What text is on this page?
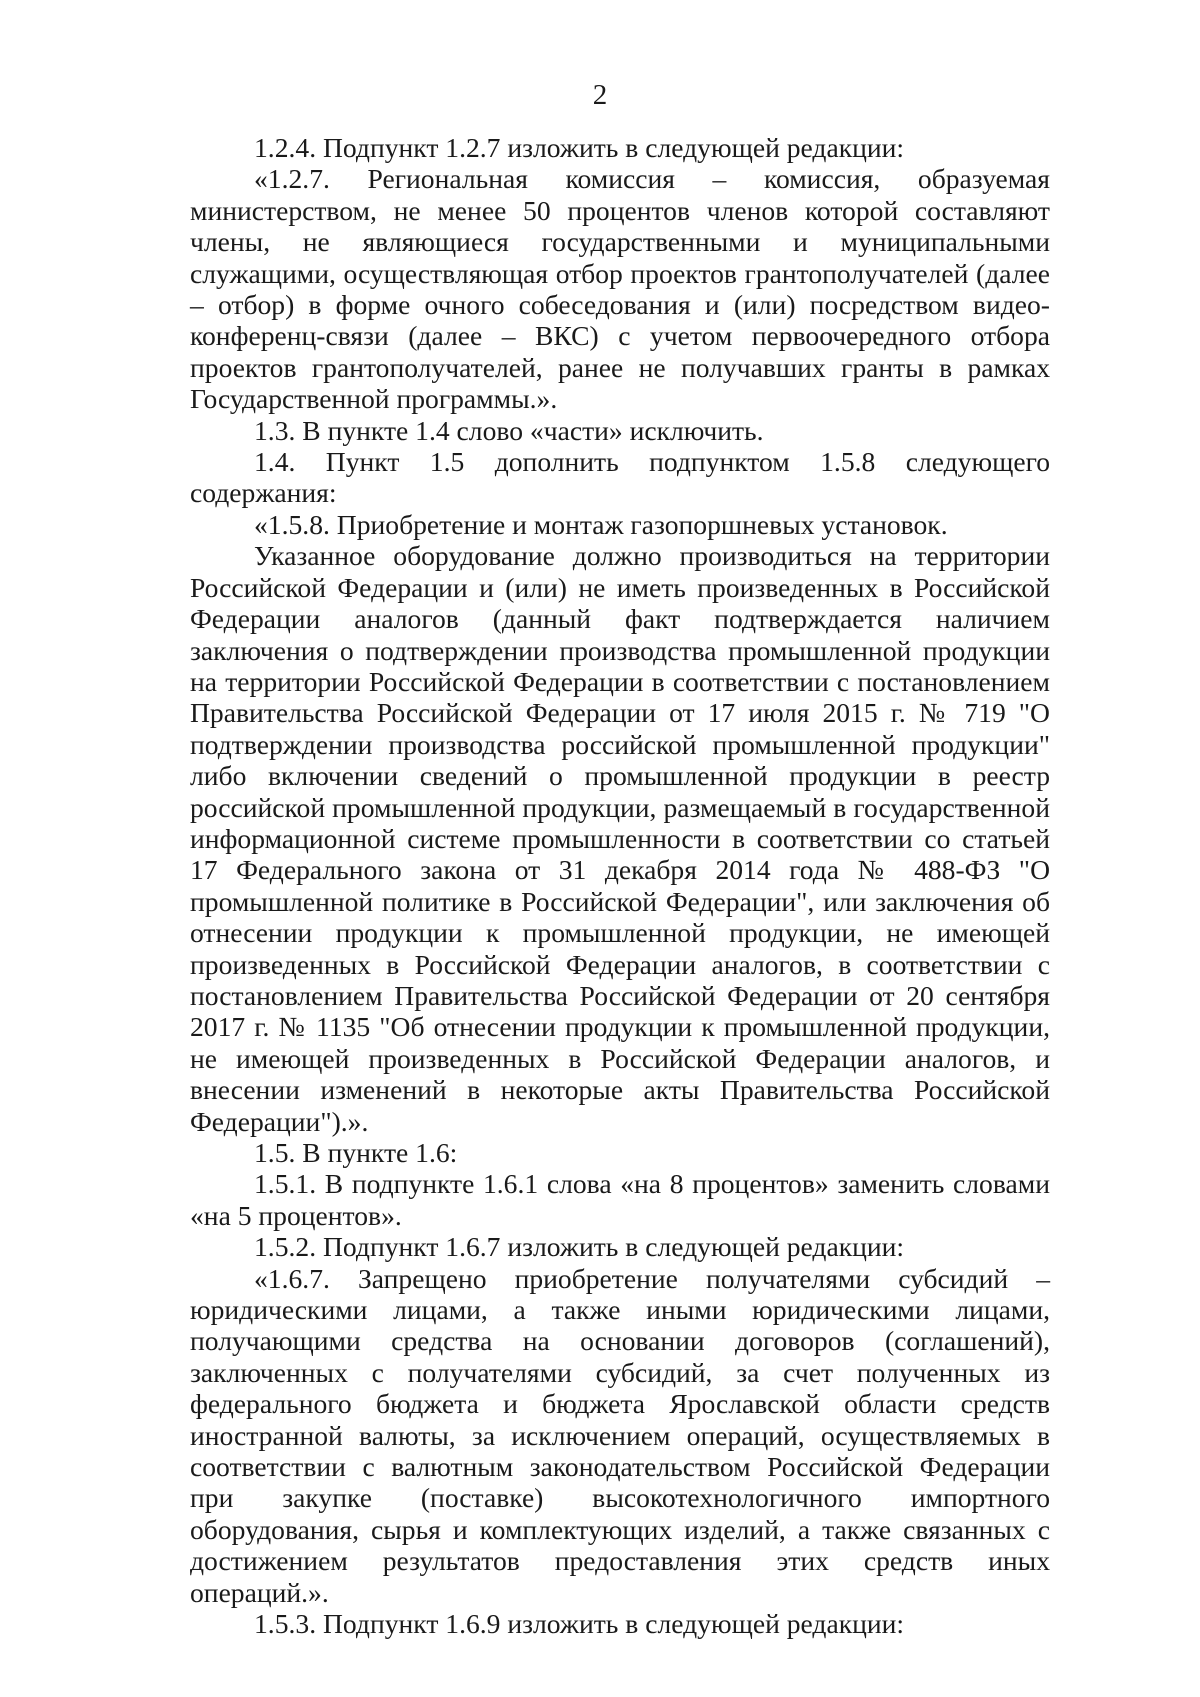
2

1.2.4. Подпункт 1.2.7 изложить в следующей редакции:

«1.2.7. Региональная комиссия – комиссия, образуемая министерством, не менее 50 процентов членов которой составляют члены, не являющиеся государственными и муниципальными служащими, осуществляющая отбор проектов грантополучателей (далее – отбор) в форме очного собеседования и (или) посредством видео-конференц-связи (далее – ВКС) с учетом первоочередного отбора проектов грантополучателей, ранее не получавших гранты в рамках Государственной программы.».

1.3. В пункте 1.4 слово «части» исключить.

1.4. Пункт 1.5 дополнить подпунктом 1.5.8 следующего содержания:

«1.5.8. Приобретение и монтаж газопоршневых установок.

Указанное оборудование должно производиться на территории Российской Федерации и (или) не иметь произведенных в Российской Федерации аналогов (данный факт подтверждается наличием заключения о подтверждении производства промышленной продукции на территории Российской Федерации в соответствии с постановлением Правительства Российской Федерации от 17 июля 2015 г. № 719 "О подтверждении производства российской промышленной продукции" либо включении сведений о промышленной продукции в реестр российской промышленной продукции, размещаемый в государственной информационной системе промышленности в соответствии со статьей 17 Федерального закона от 31 декабря 2014 года № 488-ФЗ "О промышленной политике в Российской Федерации", или заключения об отнесении продукции к промышленной продукции, не имеющей произведенных в Российской Федерации аналогов, в соответствии с постановлением Правительства Российской Федерации от 20 сентября 2017 г. № 1135 "Об отнесении продукции к промышленной продукции, не имеющей произведенных в Российской Федерации аналогов, и внесении изменений в некоторые акты Правительства Российской Федерации").».

1.5. В пункте 1.6:

1.5.1. В подпункте 1.6.1 слова «на 8 процентов» заменить словами «на 5 процентов».

1.5.2. Подпункт 1.6.7 изложить в следующей редакции:

«1.6.7. Запрещено приобретение получателями субсидий – юридическими лицами, а также иными юридическими лицами, получающими средства на основании договоров (соглашений), заключенных с получателями субсидий, за счет полученных из федерального бюджета и бюджета Ярославской области средств иностранной валюты, за исключением операций, осуществляемых в соответствии с валютным законодательством Российской Федерации при закупке (поставке) высокотехнологичного импортного оборудования, сырья и комплектующих изделий, а также связанных с достижением результатов предоставления этих средств иных операций.».

1.5.3. Подпункт 1.6.9 изложить в следующей редакции:
